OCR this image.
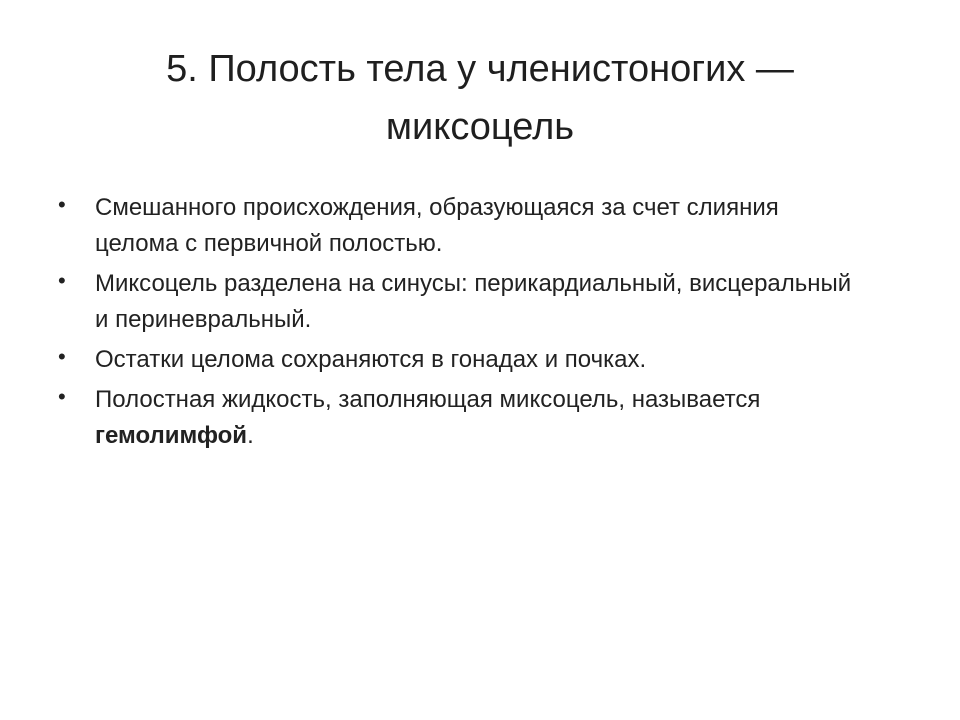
5. Полость тела у членистоногих —
миксоцель
• Смешанного происхождения, образующаяся за счет слияния целома с первичной полостью.
• Миксоцель разделена на синусы: перикардиальный, висцеральный и периневральный.
• Остатки целома сохраняются в гонадах и почках.
• Полостная жидкость, заполняющая миксоцель, называется гемолимфой.
